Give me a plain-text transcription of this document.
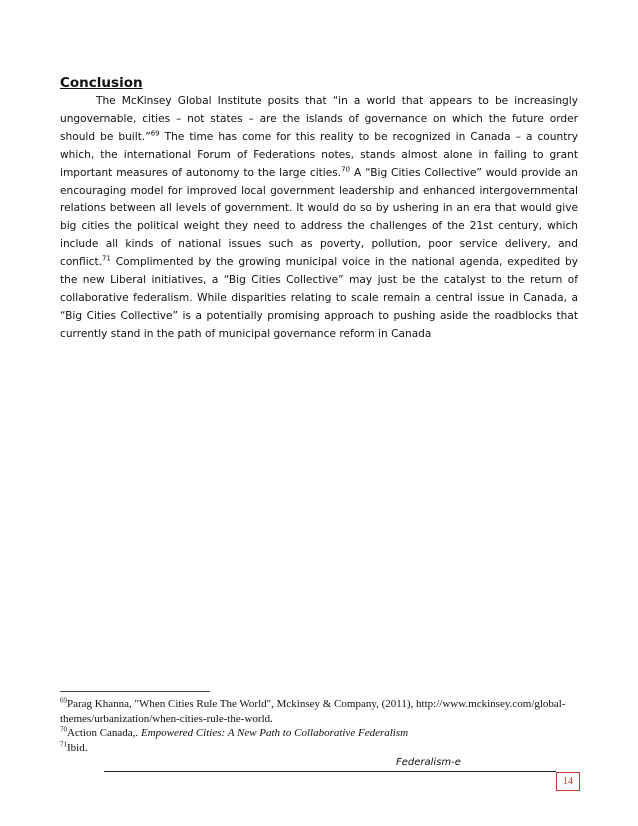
Conclusion

The McKinsey Global Institute posits that “in a world that appears to be increasingly ungovernable, cities – not states – are the islands of governance on which the future order should be built.”$^{69}$ The time has come for this reality to be recognized in Canada – a country which, the international Forum of Federations notes, stands almost alone in failing to grant important measures of autonomy to the large cities.$^{70}$ A “Big Cities Collective” would provide an encouraging model for improved local government leadership and enhanced intergovernmental relations between all levels of government. It would do so by ushering in an era that would give big cities the political weight they need to address the challenges of the 21st century, which include all kinds of national issues such as poverty, pollution, poor service delivery, and conflict.$^{71}$ Complimented by the growing municipal voice in the national agenda, expedited by the new Liberal initiatives, a “Big Cities Collective” may just be the catalyst to the return of collaborative federalism. While disparities relating to scale remain a central issue in Canada, a “Big Cities Collective” is a potentially promising approach to pushing aside the roadblocks that currently stand in the path of municipal governance reform in Canada

$^{69}$Parag Khanna, "When Cities Rule The World", Mckinsey & Company, (2011), http://www.mckinsey.com/global-themes/urbanization/when-cities-rule-the-world.
$^{70}$Action Canada,. Empowered Cities: A New Path to Collaborative Federalism
$^{71}$Ibid.
Federalism-e
14
